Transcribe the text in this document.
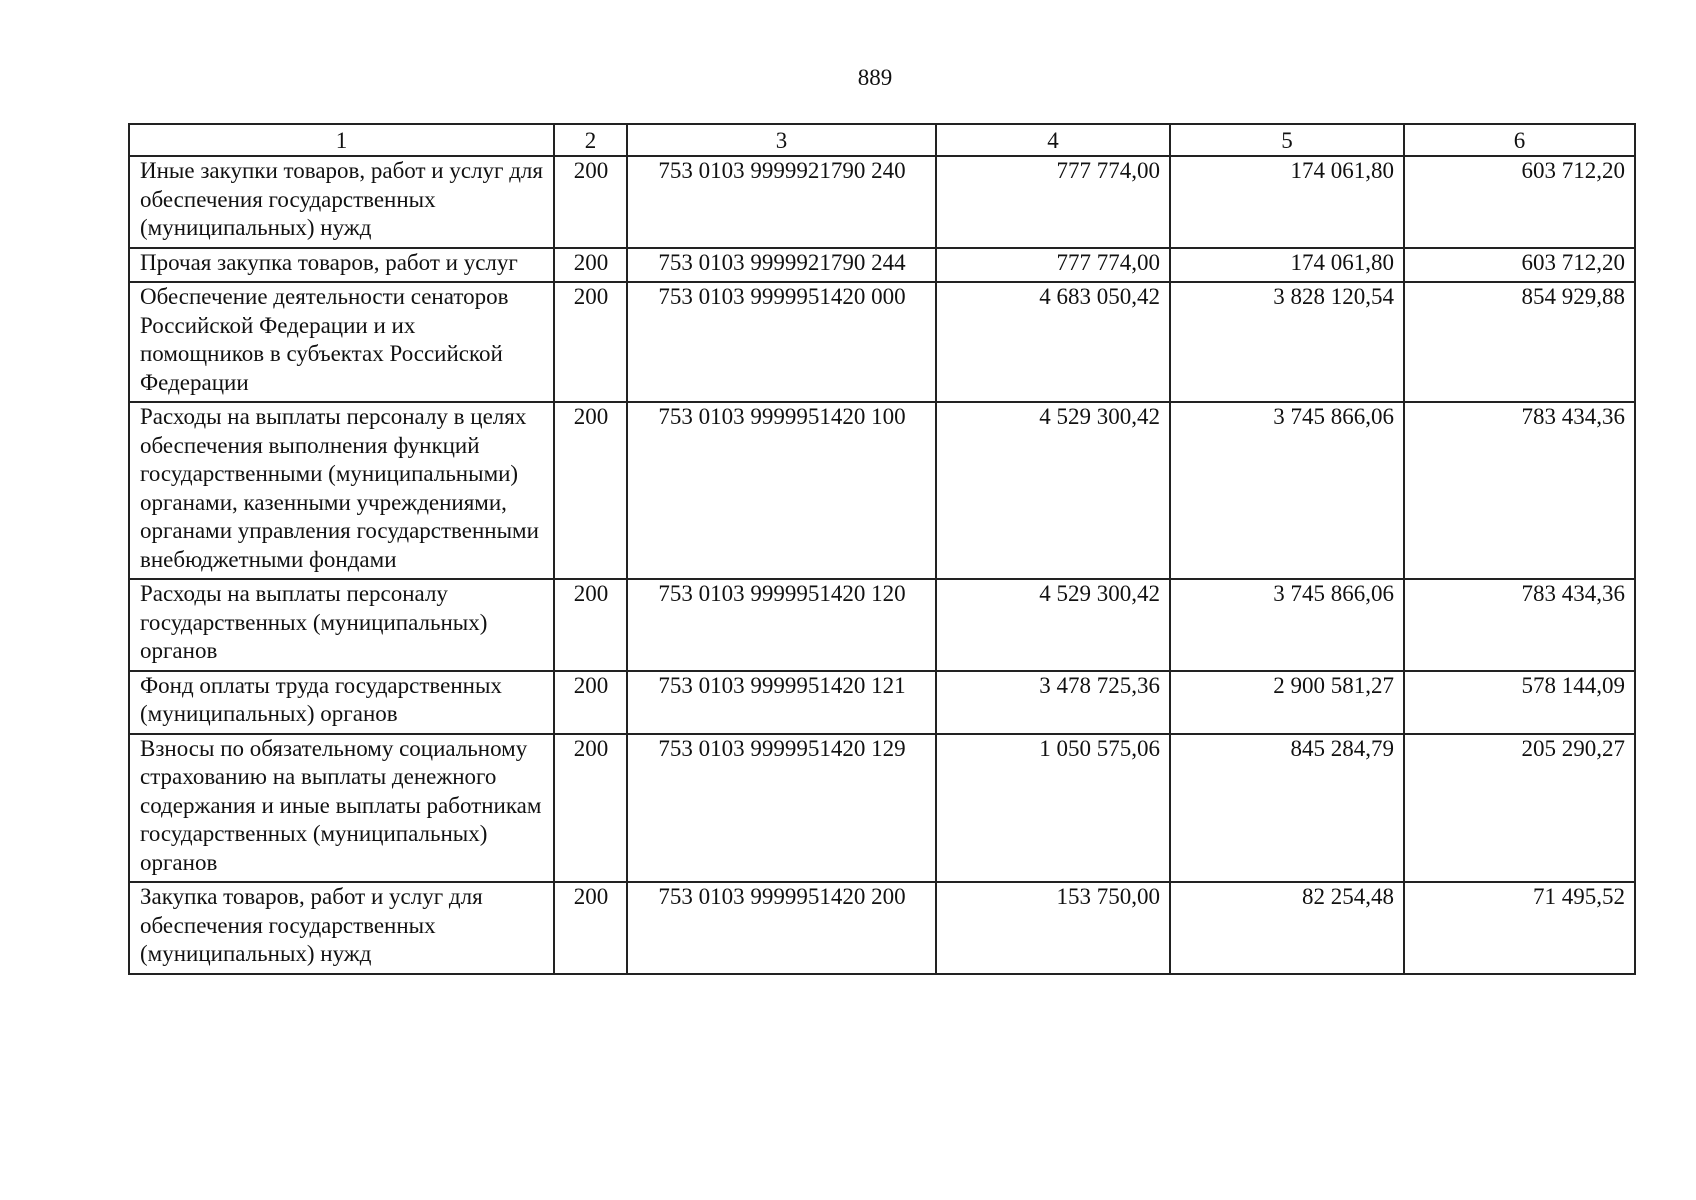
889
1	2	3	4	5	6
Иные закупки товаров, работ и услуг для обеспечения государственных (муниципальных) нужд	200	753 0103 9999921790 240	777 774,00	174 061,80	603 712,20
Прочая закупка товаров, работ и услуг	200	753 0103 9999921790 244	777 774,00	174 061,80	603 712,20
Обеспечение деятельности сенаторов Российской Федерации и их помощников в субъектах Российской Федерации	200	753 0103 9999951420 000	4 683 050,42	3 828 120,54	854 929,88
Расходы на выплаты персоналу в целях обеспечения выполнения функций государственными (муниципальными) органами, казенными учреждениями, органами управления государственными внебюджетными фондами	200	753 0103 9999951420 100	4 529 300,42	3 745 866,06	783 434,36
Расходы на выплаты персоналу государственных (муниципальных) органов	200	753 0103 9999951420 120	4 529 300,42	3 745 866,06	783 434,36
Фонд оплаты труда государственных (муниципальных) органов	200	753 0103 9999951420 121	3 478 725,36	2 900 581,27	578 144,09
Взносы по обязательному социальному страхованию на выплаты денежного содержания и иные выплаты работникам государственных (муниципальных) органов	200	753 0103 9999951420 129	1 050 575,06	845 284,79	205 290,27
Закупка товаров, работ и услуг для обеспечения государственных (муниципальных) нужд	200	753 0103 9999951420 200	153 750,00	82 254,48	71 495,52
